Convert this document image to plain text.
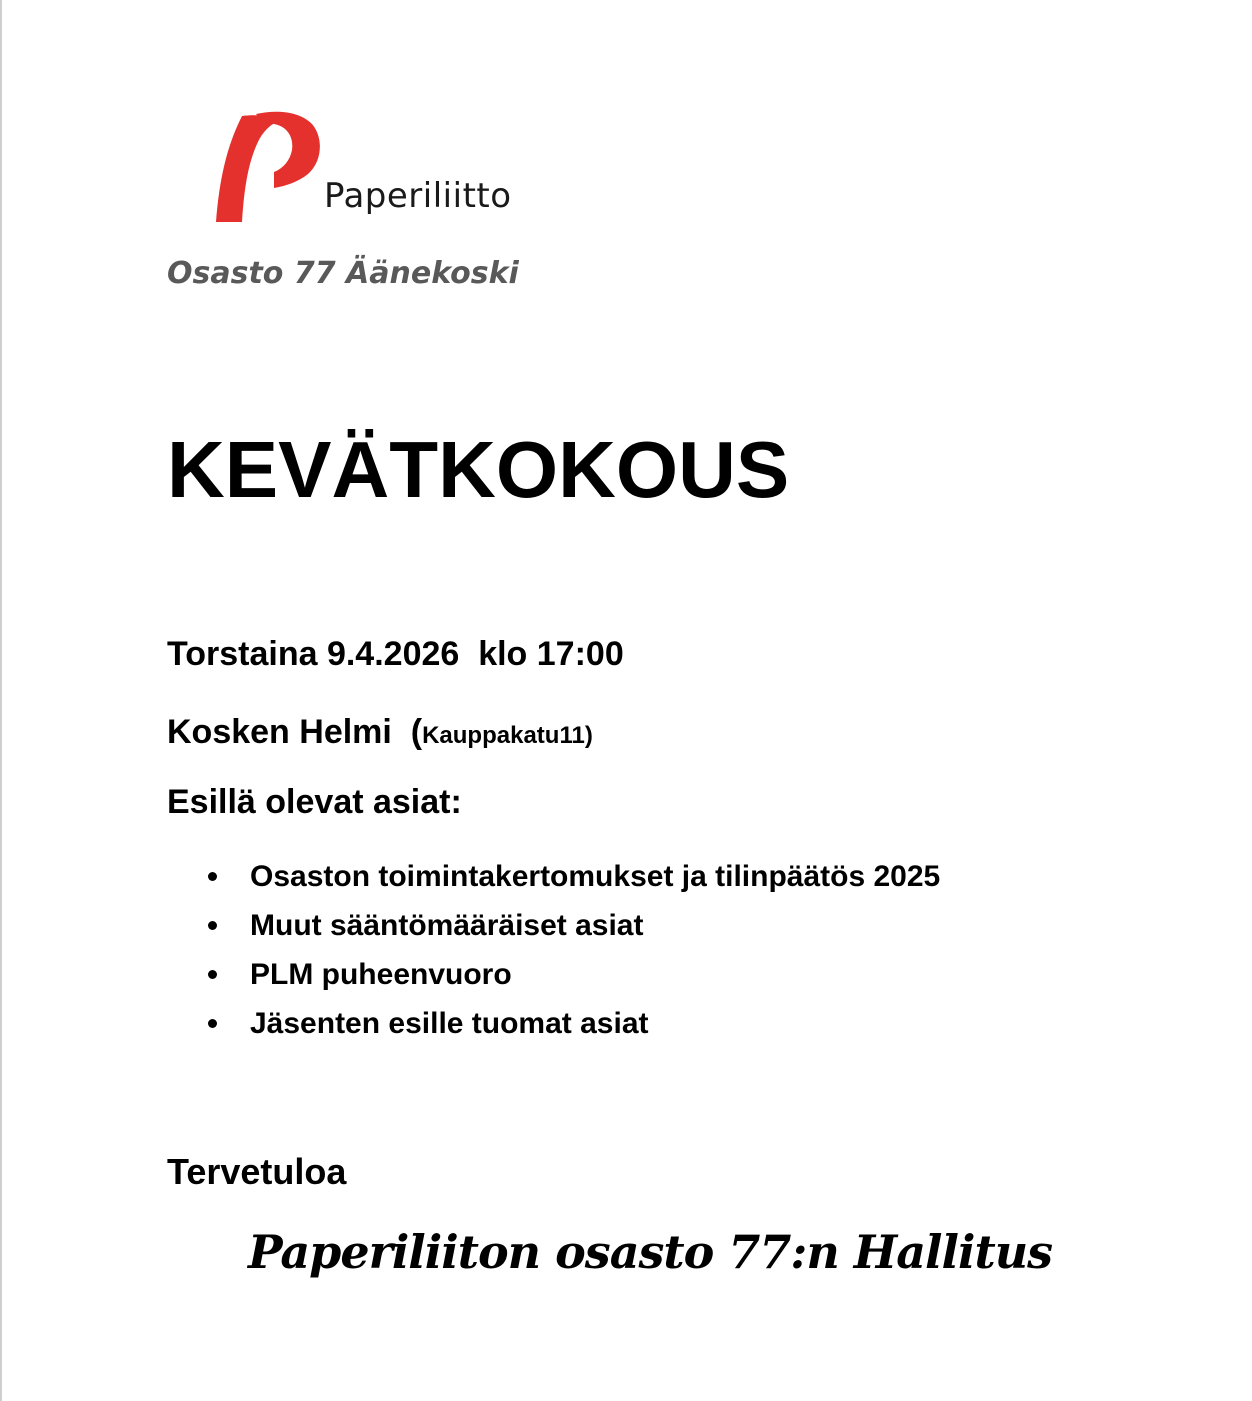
Paperiliitto
Osasto 77 Äänekoski
KEVÄTKOKOUS
Torstaina 9.4.2026  klo 17:00
Kosken Helmi (Kauppakatu11)
Esillä olevat asiat:
Osaston toimintakertomukset ja tilinpäätös 2025
Muut sääntömääräiset asiat
PLM puheenvuoro
Jäsenten esille tuomat asiat
Tervetuloa
Paperiliiton osasto 77:n Hallitus
